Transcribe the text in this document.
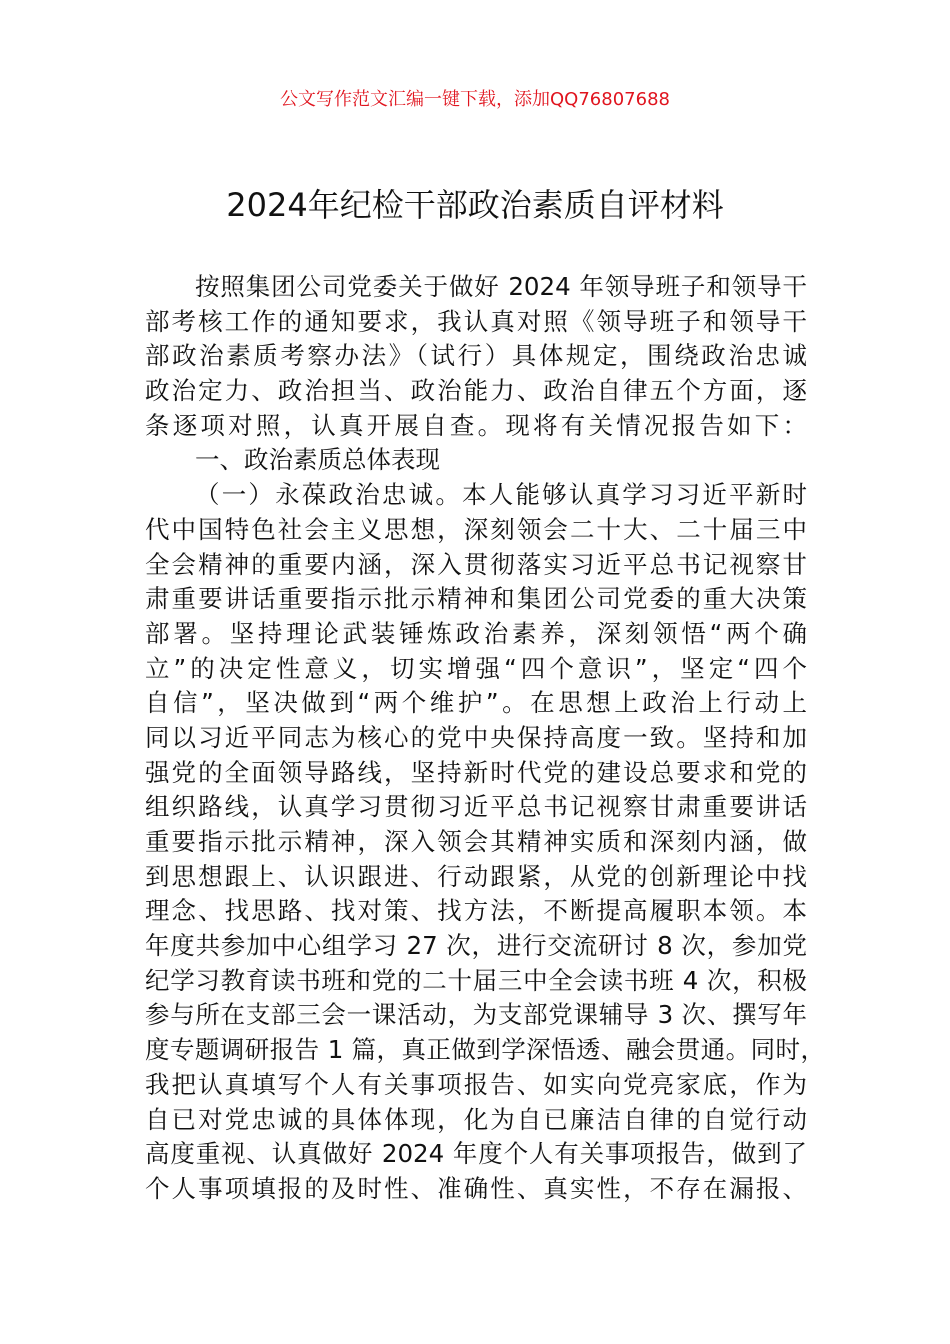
公文写作范文汇编一键下载，添加QQ76807688
2024年纪检干部政治素质自评材料
按照集团公司党委关于做好 2024 年领导班子和领导干
部考核工作的通知要求，我认真对照《领导班子和领导干
部政治素质考察办法》（试行）具体规定，围绕政治忠诚
政治定力、政治担当、政治能力、政治自律五个方面，逐
条逐项对照，认真开展自查。现将有关情况报告如下：
一、政治素质总体表现
（一）永葆政治忠诚。本人能够认真学习习近平新时
代中国特色社会主义思想，深刻领会二十大、二十届三中
全会精神的重要内涵，深入贯彻落实习近平总书记视察甘
肃重要讲话重要指示批示精神和集团公司党委的重大决策
部署。坚持理论武装锤炼政治素养，深刻领悟“两个确
立”的决定性意义，切实增强“四个意识”，坚定“四个
自信”，坚决做到“两个维护”。在思想上政治上行动上
同以习近平同志为核心的党中央保持高度一致。坚持和加
强党的全面领导路线，坚持新时代党的建设总要求和党的
组织路线，认真学习贯彻习近平总书记视察甘肃重要讲话
重要指示批示精神，深入领会其精神实质和深刻内涵，做
到思想跟上、认识跟进、行动跟紧，从党的创新理论中找
理念、找思路、找对策、找方法，不断提高履职本领。本
年度共参加中心组学习 27 次，进行交流研讨 8 次，参加党
纪学习教育读书班和党的二十届三中全会读书班 4 次，积极
参与所在支部三会一课活动，为支部党课辅导 3 次、撰写年
度专题调研报告 1 篇，真正做到学深悟透、融会贯通。同时，
我把认真填写个人有关事项报告、如实向党亮家底，作为
自已对党忠诚的具体体现，化为自已廉洁自律的自觉行动
高度重视、认真做好 2024 年度个人有关事项报告，做到了
个人事项填报的及时性、准确性、真实性，不存在漏报、
